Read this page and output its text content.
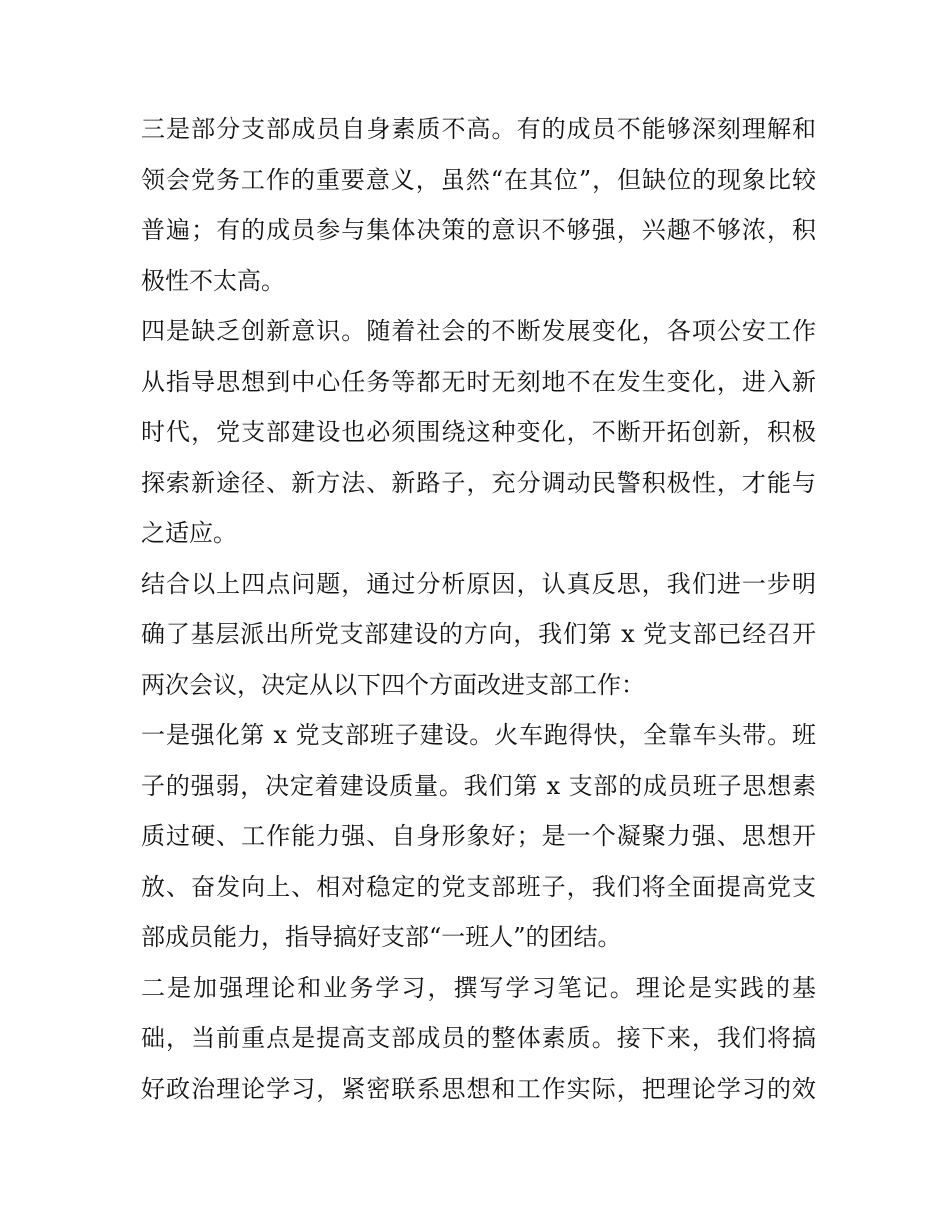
三是部分支部成员自身素质不高。有的成员不能够深刻理解和
领会党务工作的重要意义，虽然“在其位”，但缺位的现象比较
普遍；有的成员参与集体决策的意识不够强，兴趣不够浓，积
极性不太高。
四是缺乏创新意识。随着社会的不断发展变化，各项公安工作
从指导思想到中心任务等都无时无刻地不在发生变化，进入新
时代，党支部建设也必须围绕这种变化，不断开拓创新，积极
探索新途径、新方法、新路子，充分调动民警积极性，才能与
之适应。
结合以上四点问题，通过分析原因，认真反思，我们进一步明
确了基层派出所党支部建设的方向，我们第 x 党支部已经召开
两次会议，决定从以下四个方面改进支部工作：
一是强化第 x 党支部班子建设。火车跑得快，全靠车头带。班
子的强弱，决定着建设质量。我们第 x 支部的成员班子思想素
质过硬、工作能力强、自身形象好；是一个凝聚力强、思想开
放、奋发向上、相对稳定的党支部班子，我们将全面提高党支
部成员能力，指导搞好支部“一班人”的团结。
二是加强理论和业务学习，撰写学习笔记。理论是实践的基
础，当前重点是提高支部成员的整体素质。接下来，我们将搞
好政治理论学习，紧密联系思想和工作实际，把理论学习的效
